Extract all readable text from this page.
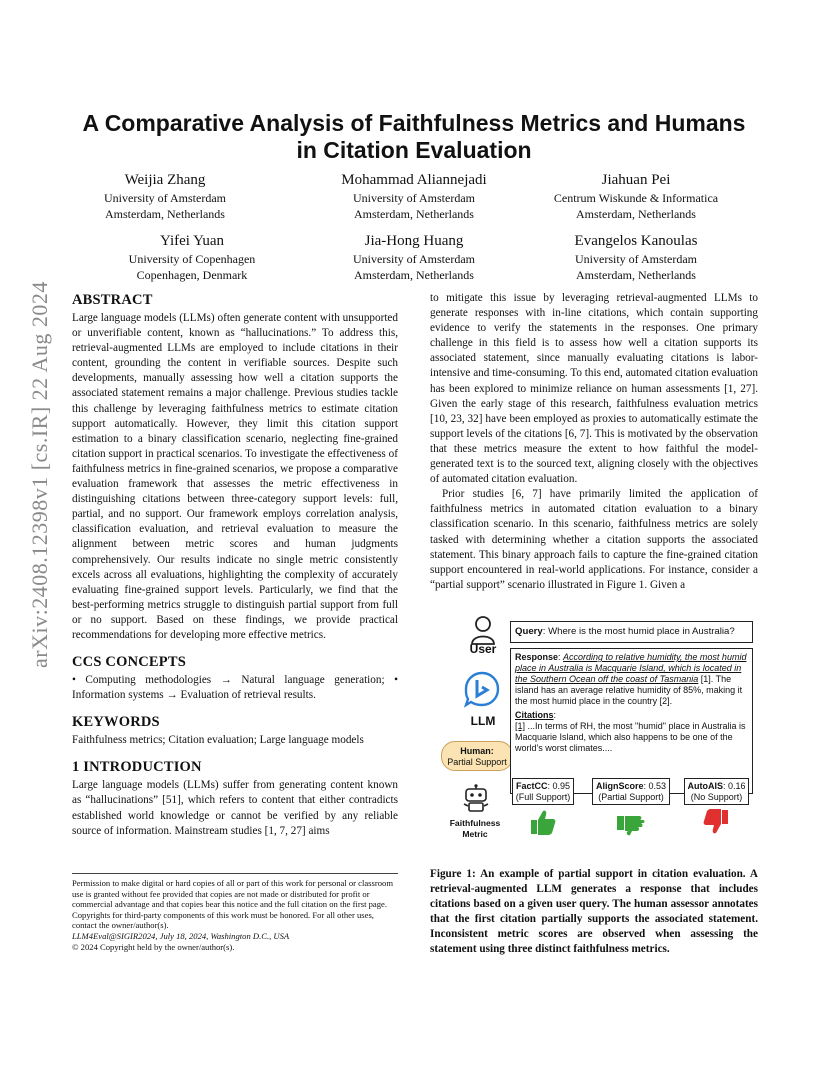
A Comparative Analysis of Faithfulness Metrics and Humans
in Citation Evaluation
Weijia Zhang
University of Amsterdam
Amsterdam, Netherlands
Mohammad Aliannejadi
University of Amsterdam
Amsterdam, Netherlands
Jiahuan Pei
Centrum Wiskunde & Informatica
Amsterdam, Netherlands
Yifei Yuan
University of Copenhagen
Copenhagen, Denmark
Jia-Hong Huang
University of Amsterdam
Amsterdam, Netherlands
Evangelos Kanoulas
University of Amsterdam
Amsterdam, Netherlands
arXiv:2408.12398v1 [cs.IR] 22 Aug 2024 ABSTRACT

Large language models (LLMs) often generate content with unsupported or unverifiable content, known as “hallucinations.” To address this, retrieval-augmented LLMs are employed to include citations in their content, grounding the content in verifiable sources. Despite such developments, manually assessing how well a citation supports the associated statement remains a major challenge. Previous studies tackle this challenge by leveraging faithfulness metrics to estimate citation support automatically. However, they limit this citation support estimation to a binary classification scenario, neglecting fine-grained citation support in practical scenarios. To investigate the effectiveness of faithfulness metrics in fine-grained scenarios, we propose a comparative evaluation framework that assesses the metric effectiveness in distinguishing citations between three-category support levels: full, partial, and no support. Our framework employs correlation analysis, classification evaluation, and retrieval evaluation to measure the alignment between metric scores and human judgments comprehensively. Our results indicate no single metric consistently excels across all evaluations, highlighting the complexity of accurately evaluating fine-grained support levels. Particularly, we find that the best-performing metrics struggle to distinguish partial support from full or no support. Based on these findings, we provide practical recommendations for developing more effective metrics.

CCS CONCEPTS

• Computing methodologies → Natural language generation; • Information systems → Evaluation of retrieval results.

KEYWORDS

Faithfulness metrics; Citation evaluation; Large language models

1 INTRODUCTION

Large language models (LLMs) suffer from generating content known as “hallucinations” [51], which refers to content that either contradicts established world knowledge or cannot be verified by any reliable source of information. Mainstream studies [1, 7, 27] aims

Permission to make digital or hard copies of all or part of this work for personal or classroom use is granted without fee provided that copies are not made or distributed for profit or commercial advantage and that copies bear this notice and the full citation on the first page. Copyrights for third-party components of this work must be honored. For all other uses, contact the owner/author(s).

LLM4Eval@SIGIR2024, July 18, 2024, Washington D.C., USA

© 2024 Copyright held by the owner/author(s).

to mitigate this issue by leveraging retrieval-augmented LLMs to generate responses with in-line citations, which contain supporting evidence to verify the statements in the responses. One primary challenge in this field is to assess how well a citation supports its associated statement, since manually evaluating citations is labor-intensive and time-consuming. To this end, automated citation evaluation has been explored to minimize reliance on human assessments [1, 27]. Given the early stage of this research, faithfulness evaluation metrics [10, 23, 32] have been employed as proxies to automatically estimate the support levels of the citations [6, 7]. This is motivated by the observation that these metrics measure the extent to how faithful the model-generated text is to the sourced text, aligning closely with the objectives of automated citation evaluation.

Prior studies [6, 7] have primarily limited the application of faithfulness metrics in automated citation evaluation to a binary classification scenario. In this scenario, faithfulness metrics are solely tasked with determining whether a citation supports the associated statement. This binary approach fails to capture the fine-grained citation support encountered in real-world applications. For instance, consider a “partial support” scenario illustrated in Figure 1. Given a

User
LLM
Human:
Partial Support
Faithfulness Metric
Query: Where is the most humid place in Australia?
Response: According to relative humidity, the most humid place in Australia is Macquarie Island, which is located in the Southern Ocean off the coast of Tasmania [1]. The island has an average relative humidity of 85%, making it the most humid place in the country [2].
Citations:
[1] ...In terms of RH, the most "humid" place in Australia is Macquarie Island, which also happens to be one of the world's worst climates....
FactCC: 0.95
(Full Support)
AlignScore: 0.53
(Partial Support)
AutoAIS: 0.16
(No Support)
Figure 1: An example of partial support in citation evaluation. A retrieval-augmented LLM generates a response that includes citations based on a given user query. The human assessor annotates that the first citation partially supports the associated statement. Inconsistent metric scores are observed when assessing the statement using three distinct faithfulness metrics.
